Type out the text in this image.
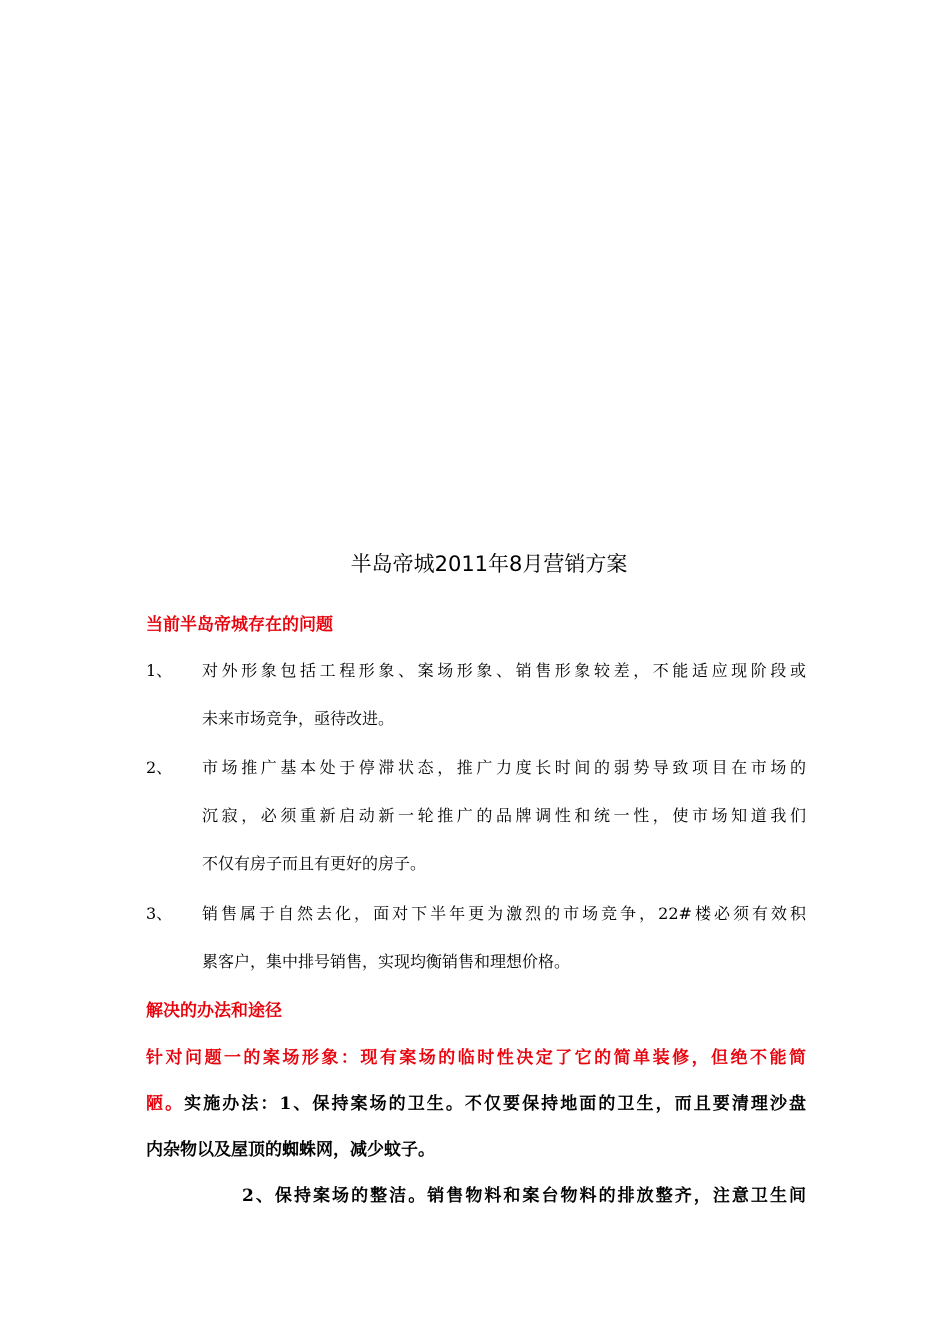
半岛帝城2011年8月营销方案
当前半岛帝城存在的问题
1、 对外形象包括工程形象、案场形象、销售形象较差，不能适应现阶段或
未来市场竞争，亟待改进。
2、 市场推广基本处于停滞状态，推广力度长时间的弱势导致项目在市场的
沉寂，必须重新启动新一轮推广的品牌调性和统一性，使市场知道我们
不仅有房子而且有更好的房子。
3、 销售属于自然去化，面对下半年更为激烈的市场竞争，22#楼必须有效积
累客户，集中排号销售，实现均衡销售和理想价格。
解决的办法和途径
针对问题一的案场形象：现有案场的临时性决定了它的简单装修，但绝不能简
陋。实施办法：1、保持案场的卫生。不仅要保持地面的卫生，而且要清理沙盘
内杂物以及屋顶的蜘蛛网，减少蚊子。
2、保持案场的整洁。销售物料和案台物料的排放整齐，注意卫生间
